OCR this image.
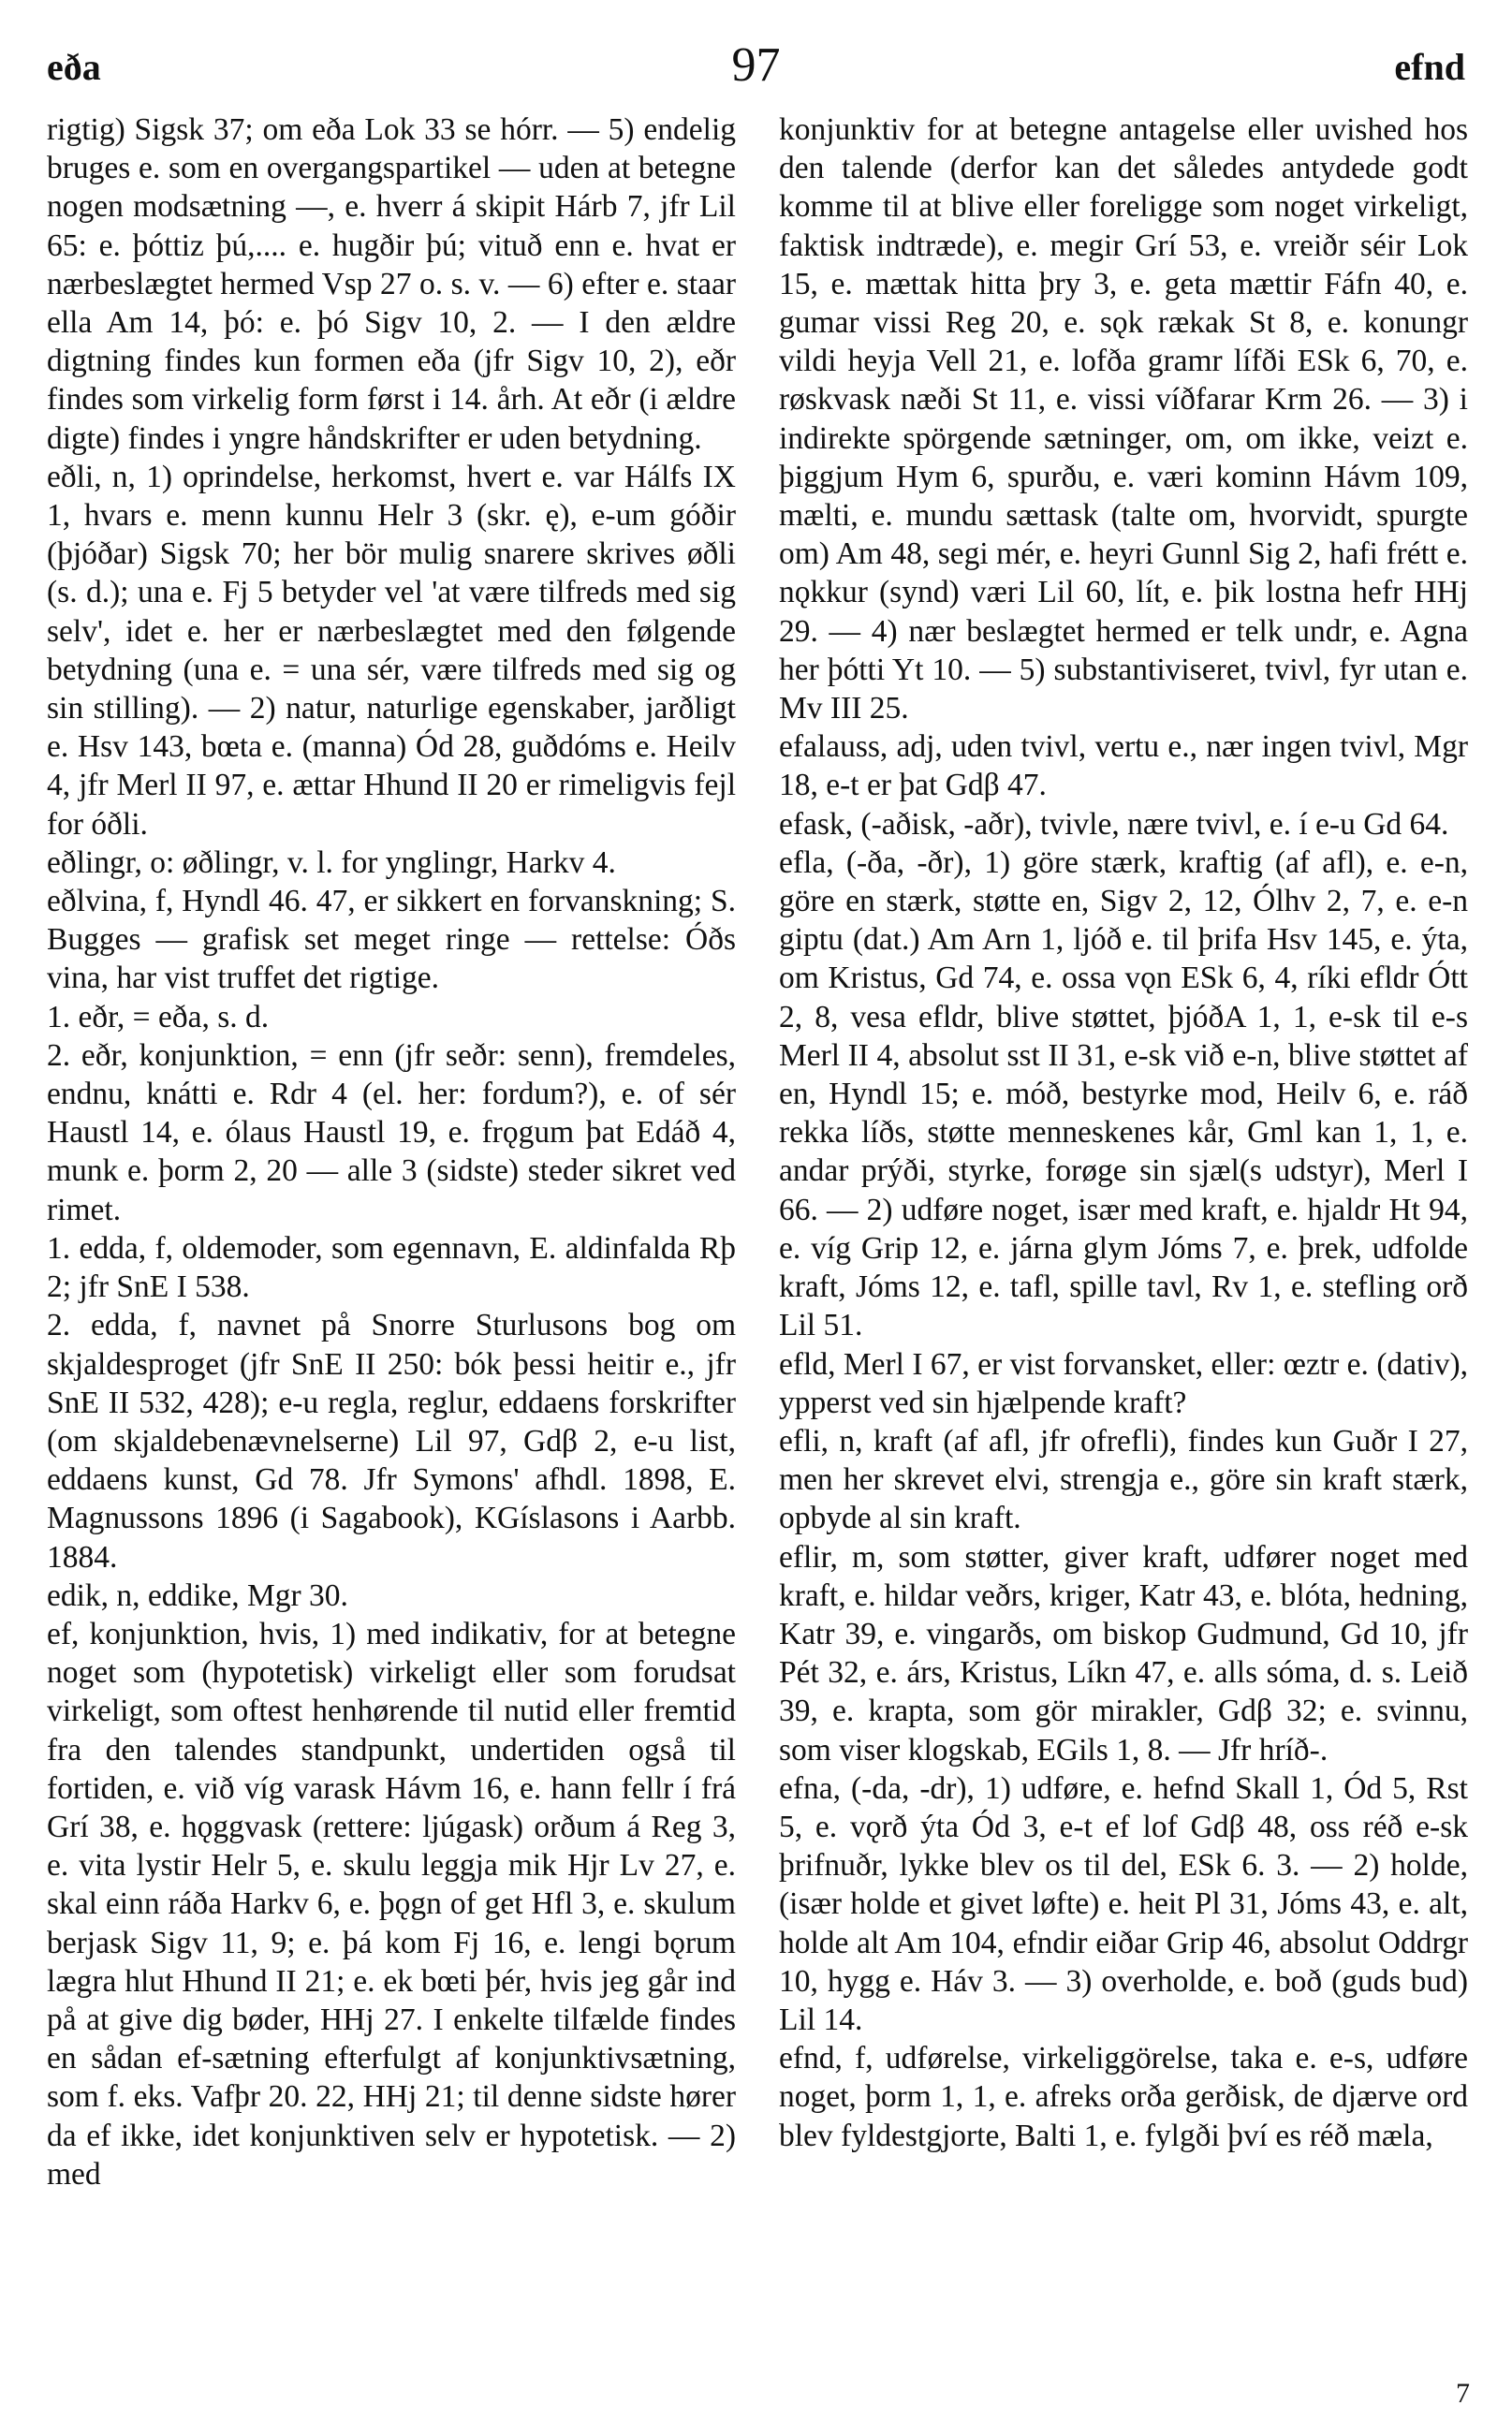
eða	97	efnd

rigtig) Sigsk 37; om eða Lok 33 se hórr. — 5) endelig bruges e. som en overgangspartikel — uden at betegne nogen modsætning —, e. hverr á skipit Hárb 7, jfr Lil 65: e. þóttiz þú,.... e. hugðir þú; vituð enn e. hvat er nærbeslægtet hermed Vsp 27 o. s. v. — 6) efter e. staar ella Am 14, þó: e. þó Sigv 10, 2. — I den ældre digtning findes kun formen eða (jfr Sigv 10, 2), eðr findes som virkelig form først i 14. årh. At eðr (i ældre digte) findes i yngre håndskrifter er uden betydning.

eðli, n, 1) oprindelse, herkomst, hvert e. var Hálfs IX 1, hvars e. menn kunnu Helr 3 (skr. ę), e-um góðir (þjóðar) Sigsk 70; her bör mulig snarere skrives øðli (s. d.); una e. Fj 5 betyder vel 'at være tilfreds med sig selv', idet e. her er nærbeslægtet med den følgende betydning (una e. = una sér, være tilfreds med sig og sin stilling). — 2) natur, naturlige egenskaber, jarðligt e. Hsv 143, bœta e. (manna) Ód 28, guðdóms e. Heilv 4, jfr Merl II 97, e. ættar Hhund II 20 er rimeligvis fejl for óðli.

eðlingr, o: øðlingr, v. l. for ynglingr, Harkv 4.

eðlvina, f, Hyndl 46. 47, er sikkert en forvanskning; S. Bugges — grafisk set meget ringe — rettelse: Óðs vina, har vist truffet det rigtige.

1. eðr, = eða, s. d.

2. eðr, konjunktion, = enn (jfr seðr: senn), fremdeles, endnu, knátti e. Rdr 4 (el. her: fordum?), e. of sér Haustl 14, e. ólaus Haustl 19, e. frǫgum þat Edáð 4, munk e. þorm 2, 20 — alle 3 (sidste) steder sikret ved rimet.

1. edda, f, oldemoder, som egennavn, E. aldinfalda Rþ 2; jfr SnE I 538.

2. edda, f, navnet på Snorre Sturlusons bog om skjaldesproget (jfr SnE II 250: bók þessi heitir e., jfr SnE II 532, 428); e-u regla, reglur, eddaens forskrifter (om skjaldebenævnelserne) Lil 97, Gdβ 2, e-u list, eddaens kunst, Gd 78. Jfr Symons' afhdl. 1898, E. Magnussons 1896 (i Sagabook), KGíslasons i Aarbb. 1884.

edik, n, eddike, Mgr 30.

ef, konjunktion, hvis, 1) med indikativ, for at betegne noget som (hypotetisk) virkeligt eller som forudsat virkeligt, som oftest henhørende til nutid eller fremtid fra den talendes standpunkt, undertiden også til fortiden, e. við víg varask Hávm 16, e. hann fellr í frá Grí 38, e. hǫggvask (rettere: ljúgask) orðum á Reg 3, e. vita lystir Helr 5, e. skulu leggja mik Hjr Lv 27, e. skal einn ráða Harkv 6, e. þǫgn of get Hfl 3, e. skulum berjask Sigv 11, 9; e. þá kom Fj 16, e. lengi bǫrum lægra hlut Hhund II 21; e. ek bœti þér, hvis jeg går ind på at give dig bøder, HHj 27. I enkelte tilfælde findes en sådan ef-sætning efterfulgt af konjunktivsætning, som f. eks. Vafþr 20. 22, HHj 21; til denne sidste hører da ef ikke, idet konjunktiven selv er hypotetisk. — 2) med

konjunktiv for at betegne antagelse eller uvished hos den talende (derfor kan det således antydede godt komme til at blive eller foreligge som noget virkeligt, faktisk indtræde), e. megir Grí 53, e. vreiðr séir Lok 15, e. mættak hitta þry 3, e. geta mættir Fáfn 40, e. gumar vissi Reg 20, e. sǫk rækak St 8, e. konungr vildi heyja Vell 21, e. lofða gramr lífði ESk 6, 70, e. røskvask næði St 11, e. vissi víðfarar Krm 26. — 3) i indirekte spörgende sætninger, om, om ikke, veizt e. þiggjum Hym 6, spurðu, e. væri kominn Hávm 109, mælti, e. mundu sættask (talte om, hvorvidt, spurgte om) Am 48, segi mér, e. heyri Gunnl Sig 2, hafi frétt e. nǫkkur (synd) væri Lil 60, lít, e. þik lostna hefr HHj 29. — 4) nær beslægtet hermed er telk undr, e. Agna her þótti Yt 10. — 5) substantiviseret, tvivl, fyr utan e. Mv III 25.

efalauss, adj, uden tvivl, vertu e., nær ingen tvivl, Mgr 18, e-t er þat Gdβ 47.

efask, (-aðisk, -aðr), tvivle, nære tvivl, e. í e-u Gd 64.

efla, (-ða, -ðr), 1) göre stærk, kraftig (af afl), e. e-n, göre en stærk, støtte en, Sigv 2, 12, Ólhv 2, 7, e. e-n giptu (dat.) Am Arn 1, ljóð e. til þrifa Hsv 145, e. ýta, om Kristus, Gd 74, e. ossa vǫn ESk 6, 4, ríki efldr Ótt 2, 8, vesa efldr, blive støttet, þjóðA 1, 1, e-sk til e-s Merl II 4, absolut sst II 31, e-sk við e-n, blive støttet af en, Hyndl 15; e. móð, bestyrke mod, Heilv 6, e. ráð rekka líðs, støtte menneskenes kår, Gml kan 1, 1, e. andar prýði, styrke, forøge sin sjæl(s udstyr), Merl I 66. — 2) udføre noget, især med kraft, e. hjaldr Ht 94, e. víg Grip 12, e. járna glym Jóms 7, e. þrek, udfolde kraft, Jóms 12, e. tafl, spille tavl, Rv 1, e. stefling orð Lil 51.

efld, Merl I 67, er vist forvansket, eller: œztr e. (dativ), ypperst ved sin hjælpende kraft?

efli, n, kraft (af afl, jfr ofrefli), findes kun Guðr I 27, men her skrevet elvi, strengja e., göre sin kraft stærk, opbyde al sin kraft.

eflir, m, som støtter, giver kraft, udfører noget med kraft, e. hildar veðrs, kriger, Katr 43, e. blóta, hedning, Katr 39, e. vingarðs, om biskop Gudmund, Gd 10, jfr Pét 32, e. árs, Kristus, Líkn 47, e. alls sóma, d. s. Leið 39, e. krapta, som gör mirakler, Gdβ 32; e. svinnu, som viser klogskab, EGils 1, 8. — Jfr hríð-.

efna, (-da, -dr), 1) udføre, e. hefnd Skall 1, Ód 5, Rst 5, e. vǫrð ýta Ód 3, e-t ef lof Gdβ 48, oss réð e-sk þrifnuðr, lykke blev os til del, ESk 6. 3. — 2) holde, (især holde et givet løfte) e. heit Pl 31, Jóms 43, e. alt, holde alt Am 104, efndir eiðar Grip 46, absolut Oddrgr 10, hygg e. Háv 3. — 3) overholde, e. boð (guds bud) Lil 14.

efnd, f, udførelse, virkeliggörelse, taka e. e-s, udføre noget, þorm 1, 1, e. afreks orða gerðisk, de djærve ord blev fyldestgjorte, Balti 1, e. fylgði því es réð mæla,

7
